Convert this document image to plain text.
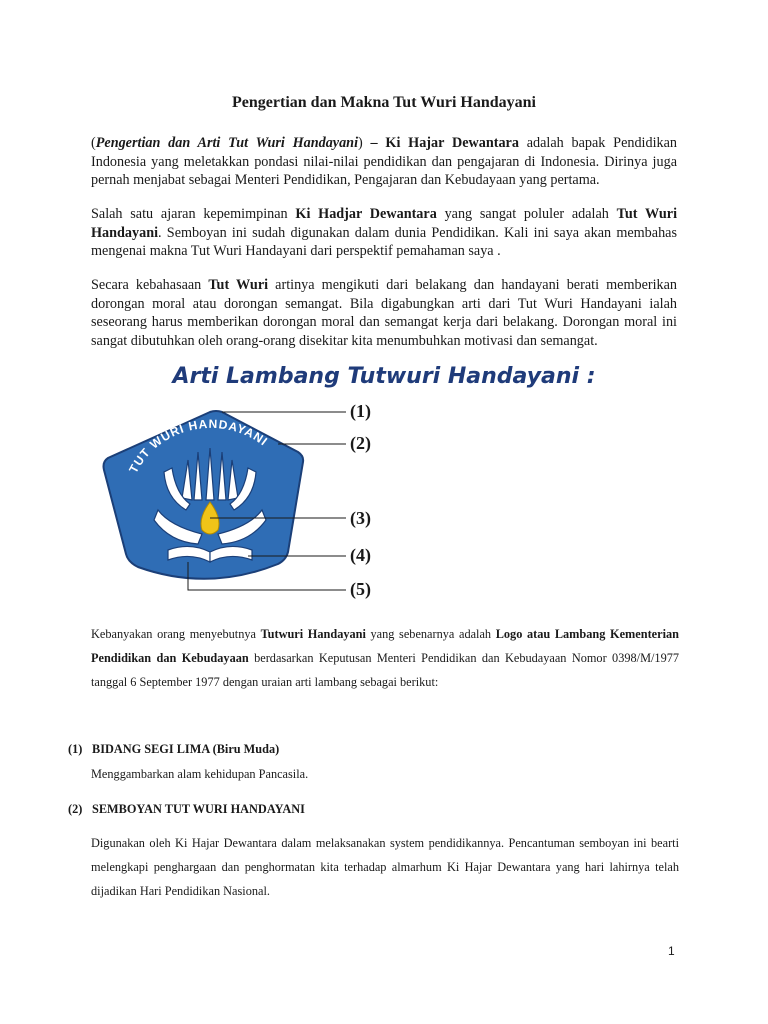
Pengertian dan Makna Tut Wuri Handayani

(Pengertian dan Arti Tut Wuri Handayani) – Ki Hajar Dewantara adalah bapak Pendidikan Indonesia yang meletakkan pondasi nilai-nilai pendidikan dan pengajaran di Indonesia. Dirinya juga pernah menjabat sebagai Menteri Pendidikan, Pengajaran dan Kebudayaan yang pertama.

Salah satu ajaran kepemimpinan Ki Hadjar Dewantara yang sangat poluler adalah Tut Wuri Handayani. Semboyan ini sudah digunakan dalam dunia Pendidikan. Kali ini saya akan membahas mengenai makna Tut Wuri Handayani dari perspektif pemahaman saya .

Secara kebahasaan Tut Wuri artinya mengikuti dari belakang dan handayani berati memberikan dorongan moral atau dorongan semangat. Bila digabungkan arti dari Tut Wuri Handayani ialah seseorang harus memberikan dorongan moral dan semangat kerja dari belakang. Dorongan moral ini sangat dibutuhkan oleh orang-orang disekitar kita menumbuhkan motivasi dan semangat.

Arti Lambang Tutwuri Handayani :
TUT WURI HANDAYANI
(1)
(2)
(3)
(4)
(5)

Kebanyakan orang menyebutnya Tutwuri Handayani yang sebenarnya adalah Logo atau Lambang Kementerian Pendidikan dan Kebudayaan berdasarkan Keputusan Menteri Pendidikan dan Kebudayaan Nomor 0398/M/1977 tanggal 6 September 1977 dengan uraian arti lambang sebagai berikut:

(1) BIDANG SEGI LIMA (Biru Muda)

Menggambarkan alam kehidupan Pancasila.

(2) SEMBOYAN TUT WURI HANDAYANI

Digunakan oleh Ki Hajar Dewantara dalam melaksanakan system pendidikannya. Pencantuman semboyan ini bearti melengkapi penghargaan dan penghormatan kita terhadap almarhum Ki Hajar Dewantara yang hari lahirnya telah dijadikan Hari Pendidikan Nasional.

1
